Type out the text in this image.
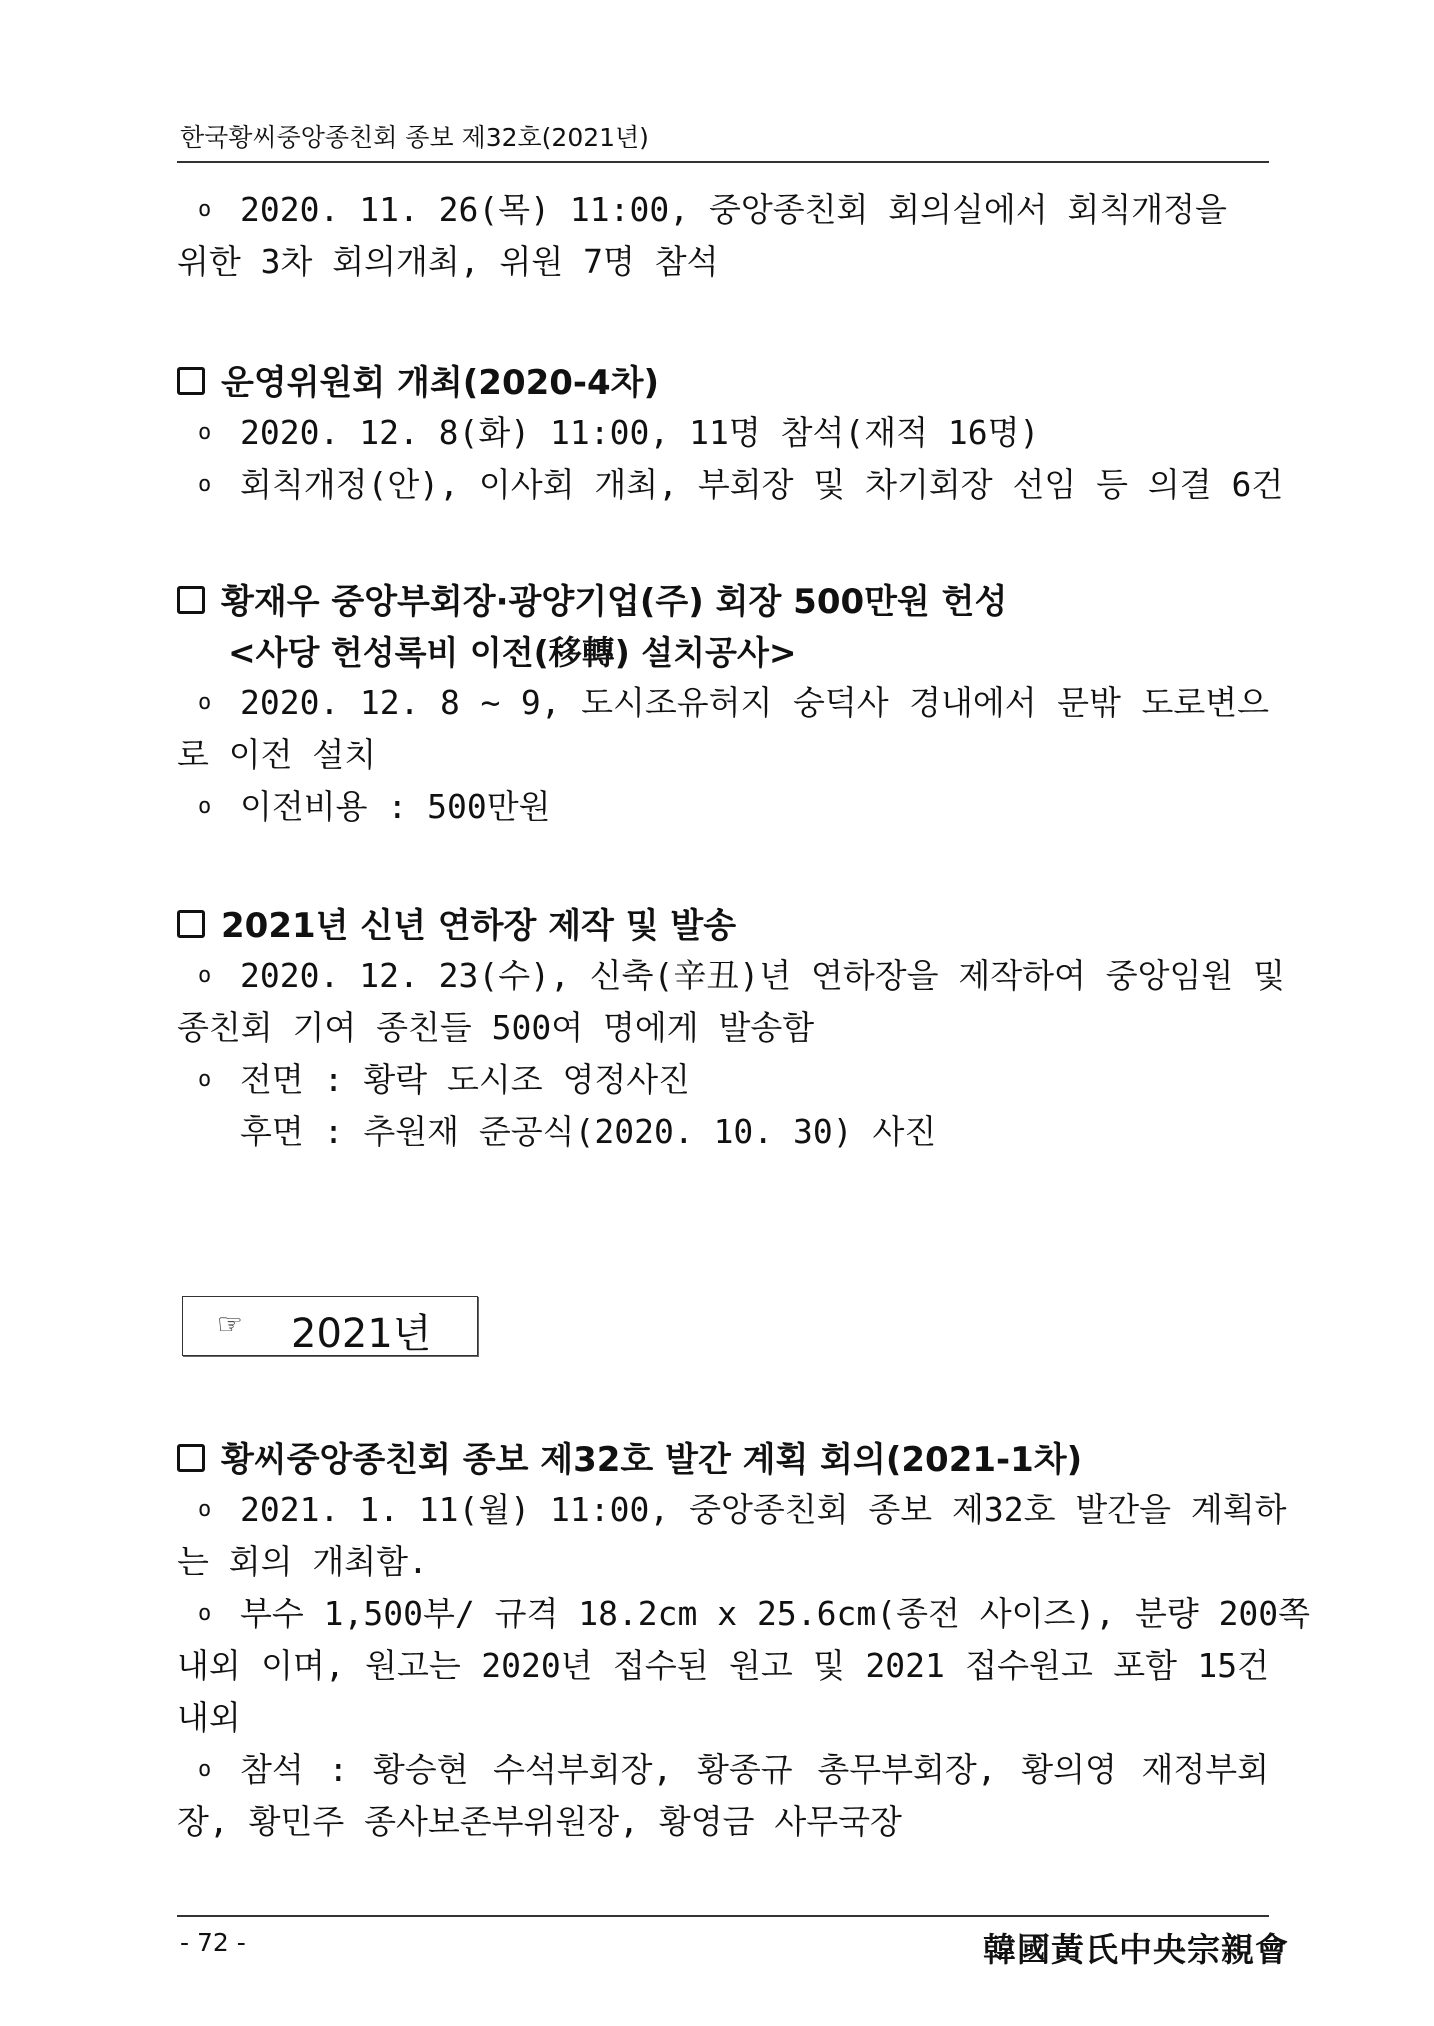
한국황씨중앙종친회 종보 제32호(2021년)
o 2020. 11. 26(목) 11:00, 중앙종친회 회의실에서 회칙개정을

위한 3차 회의개최, 위원 7명 참석

운영위원회 개최(2020-4차)
o 2020. 12. 8(화) 11:00, 11명 참석(재적 16명)

o 회칙개정(안), 이사회 개최, 부회장 및 차기회장 선임 등 의결 6건

황재우 중앙부회장·광양기업(주) 회장 500만원 헌성
<사당 헌성록비 이전(移轉) 설치공사>
o 2020. 12. 8 ~ 9, 도시조유허지 숭덕사 경내에서 문밖 도로변으

로 이전 설치

o 이전비용 : 500만원

2021년 신년 연하장 제작 및 발송
o 2020. 12. 23(수), 신축(辛丑)년 연하장을 제작하여 중앙임원 및

종친회 기여 종친들 500여 명에게 발송함

o 전면 : 황락 도시조 영정사진

후면 : 추원재 준공식(2020. 10. 30) 사진

☞ 2021년
황씨중앙종친회 종보 제32호 발간 계획 회의(2021-1차)
o 2021. 1. 11(월) 11:00, 중앙종친회 종보 제32호 발간을 계획하

는 회의 개최함.

o 부수 1,500부/ 규격 18.2cm x 25.6cm(종전 사이즈), 분량 200쪽

내외 이며, 원고는 2020년 접수된 원고 및 2021 접수원고 포함 15건

내외

o 참석 : 황승현 수석부회장, 황종규 총무부회장, 황의영 재정부회

장, 황민주 종사보존부위원장, 황영금 사무국장

- 72 -	韓國黃氏中央宗親會
